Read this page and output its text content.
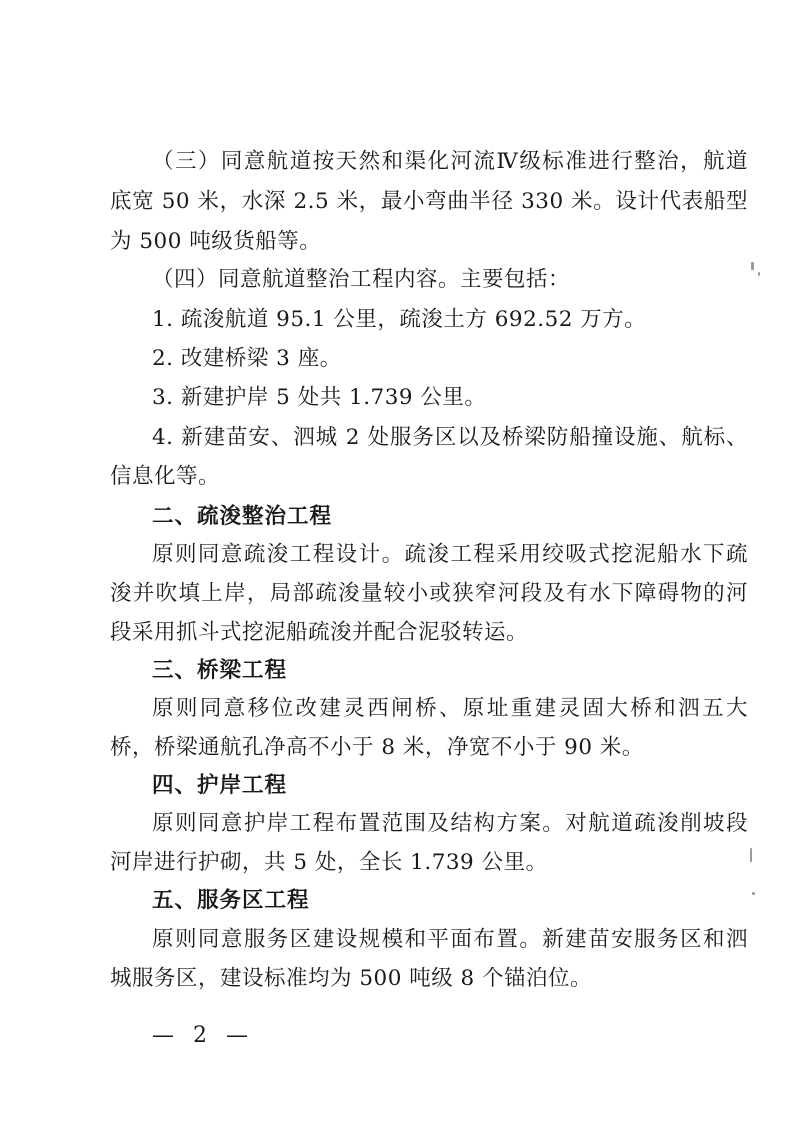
（三）同意航道按天然和渠化河流Ⅳ级标准进行整治，航道
底宽 50 米，水深 2.5 米，最小弯曲半径 330 米。设计代表船型
为 500 吨级货船等。
（四）同意航道整治工程内容。主要包括：
1. 疏浚航道 95.1 公里，疏浚土方 692.52 万方。
2. 改建桥梁 3 座。
3. 新建护岸 5 处共 1.739 公里。
4. 新建苗安、泗城 2 处服务区以及桥梁防船撞设施、航标、
信息化等。
二、疏浚整治工程
原则同意疏浚工程设计。疏浚工程采用绞吸式挖泥船水下疏
浚并吹填上岸，局部疏浚量较小或狭窄河段及有水下障碍物的河
段采用抓斗式挖泥船疏浚并配合泥驳转运。
三、桥梁工程
原则同意移位改建灵西闸桥、原址重建灵固大桥和泗五大
桥，桥梁通航孔净高不小于 8 米，净宽不小于 90 米。
四、护岸工程
原则同意护岸工程布置范围及结构方案。对航道疏浚削坡段
河岸进行护砌，共 5 处，全长 1.739 公里。
五、服务区工程
原则同意服务区建设规模和平面布置。新建苗安服务区和泗
城服务区，建设标准均为 500 吨级 8 个锚泊位。
— 2 —
